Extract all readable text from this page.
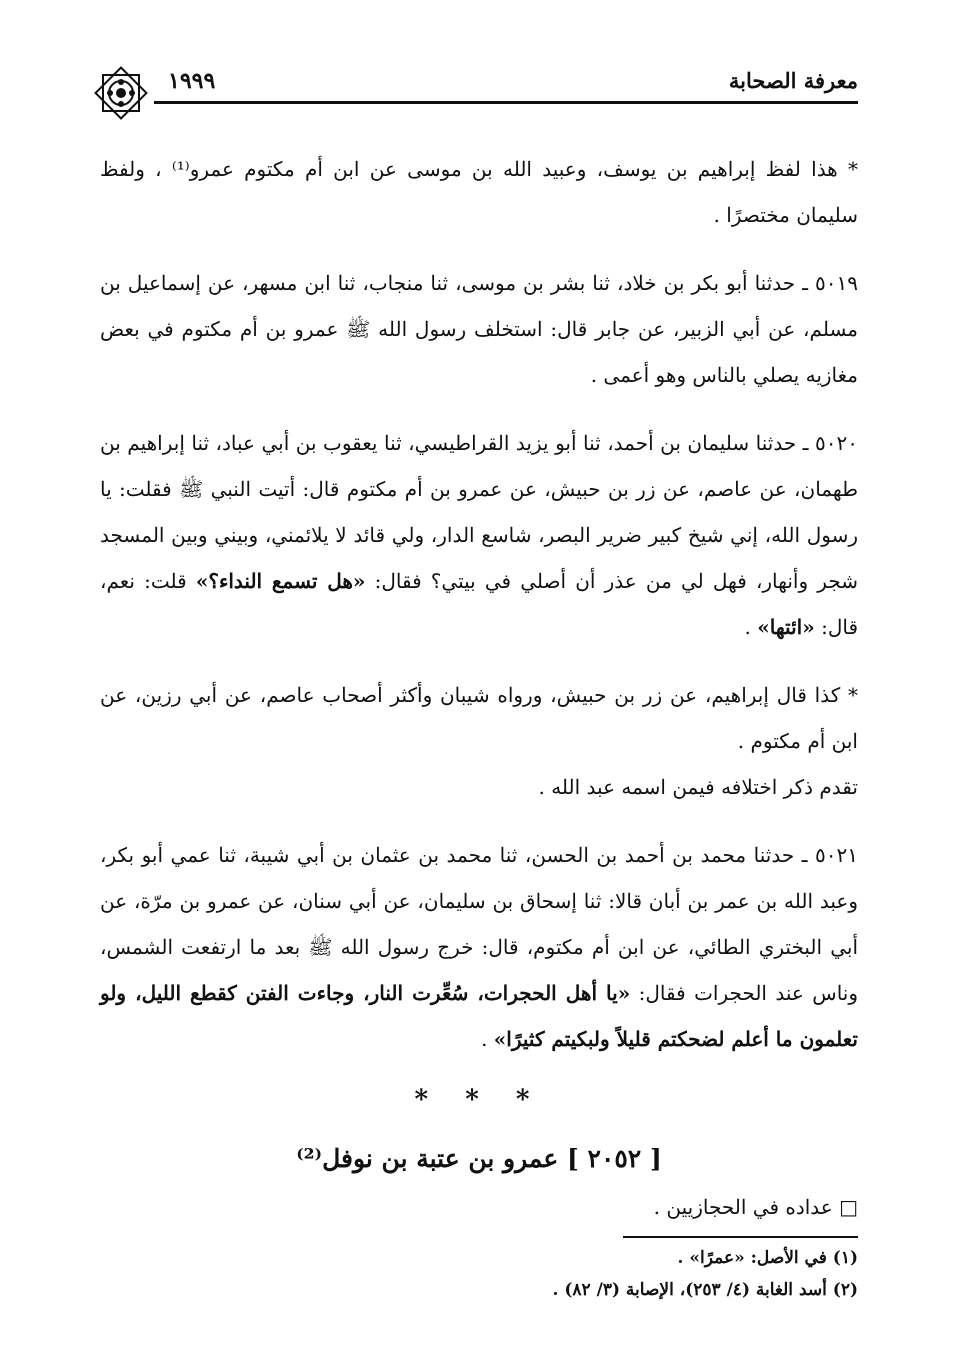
١٩٩٩	معرفة الصحابة

* هذا لفظ إبراهيم بن يوسف، وعبيد الله بن موسى عن ابن أم مكتوم عمرو⁽¹⁾ ، ولفظ سليمان مختصرًا .

٥٠١٩ ـ حدثنا أبو بكر بن خلاد، ثنا بشر بن موسى، ثنا منجاب، ثنا ابن مسهر، عن إسماعيل بن مسلم، عن أبي الزبير، عن جابر قال: استخلف رسول الله ﷺ عمرو بن أم مكتوم في بعض مغازيه يصلي بالناس وهو أعمى .

٥٠٢٠ ـ حدثنا سليمان بن أحمد، ثنا أبو يزيد القراطيسي، ثنا يعقوب بن أبي عباد، ثنا إبراهيم بن طهمان، عن عاصم، عن زر بن حبيش، عن عمرو بن أم مكتوم قال: أتيت النبي ﷺ فقلت: يا رسول الله، إني شيخ كبير ضرير البصر، شاسع الدار، ولي قائد لا يلائمني، وبيني وبين المسجد شجر وأنهار، فهل لي من عذر أن أصلي في بيتي؟ فقال: «هل تسمع النداء؟» قلت: نعم، قال: «ائتها» .

* كذا قال إبراهيم، عن زر بن حبيش، ورواه شيبان وأكثر أصحاب عاصم، عن أبي رزين، عن ابن أم مكتوم .

تقدم ذكر اختلافه فيمن اسمه عبد الله .

٥٠٢١ ـ حدثنا محمد بن أحمد بن الحسن، ثنا محمد بن عثمان بن أبي شيبة، ثنا عمي أبو بكر، وعبد الله بن عمر بن أبان قالا: ثنا إسحاق بن سليمان، عن أبي سنان، عن عمرو بن مرّة، عن أبي البختري الطائي، عن ابن أم مكتوم، قال: خرج رسول الله ﷺ بعد ما ارتفعت الشمس، وناس عند الحجرات فقال: «يا أهل الحجرات، سُعِّرت النار، وجاءت الفتن كقطع الليل، ولو تعلمون ما أعلم لضحكتم قليلاً ولبكيتم كثيرًا» .

* * *
[ ٢٠٥٢ ] عمرو بن عتبة بن نوفل⁽²⁾

□ عداده في الحجازيين .

(١) في الأصل: «عمرًا» .

(٢) أسد الغابة (٤/ ٢٥٣)، الإصابة (٣/ ٨٢) .
